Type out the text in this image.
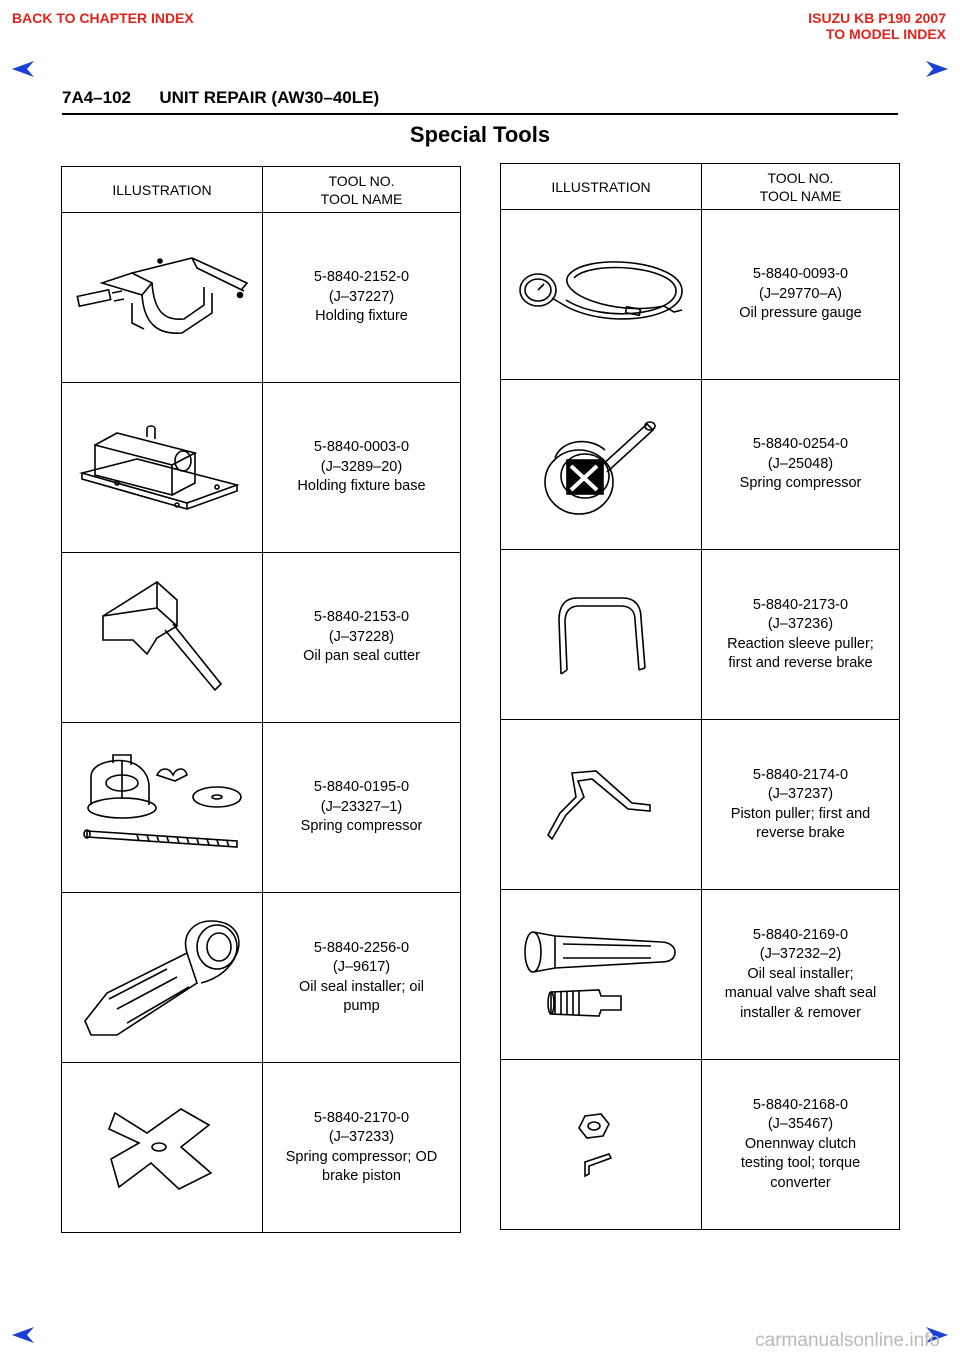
BACK TO CHAPTER INDEX	ISUZU KB P190 2007
TO MODEL INDEX
7A4–102      UNIT REPAIR (AW30–40LE)
Special Tools
ILLUSTRATION	TOOL NO.
TOOL NAME

5-8840-2152-0
(J–37227)
Holding fixture

5-8840-0003-0
(J–3289–20)
Holding fixture base

5-8840-2153-0
(J–37228)
Oil pan seal cutter

5-8840-0195-0
(J–23327–1)
Spring compressor

5-8840-2256-0
(J–9617)
Oil seal installer; oil
pump

5-8840-2170-0
(J–37233)
Spring compressor; OD
brake piston
ILLUSTRATION	TOOL NO.
TOOL NAME

5-8840-0093-0
(J–29770–A)
Oil pressure gauge

5-8840-0254-0
(J–25048)
Spring compressor

5-8840-2173-0
(J–37236)
Reaction sleeve puller;
first and reverse brake

5-8840-2174-0
(J–37237)
Piston puller; first and
reverse brake

5-8840-2169-0
(J–37232–2)
Oil seal installer;
manual valve shaft seal
installer & remover

5-8840-2168-0
(J–35467)
Onennway clutch
testing tool; torque
converter
carmanualsonline.info
